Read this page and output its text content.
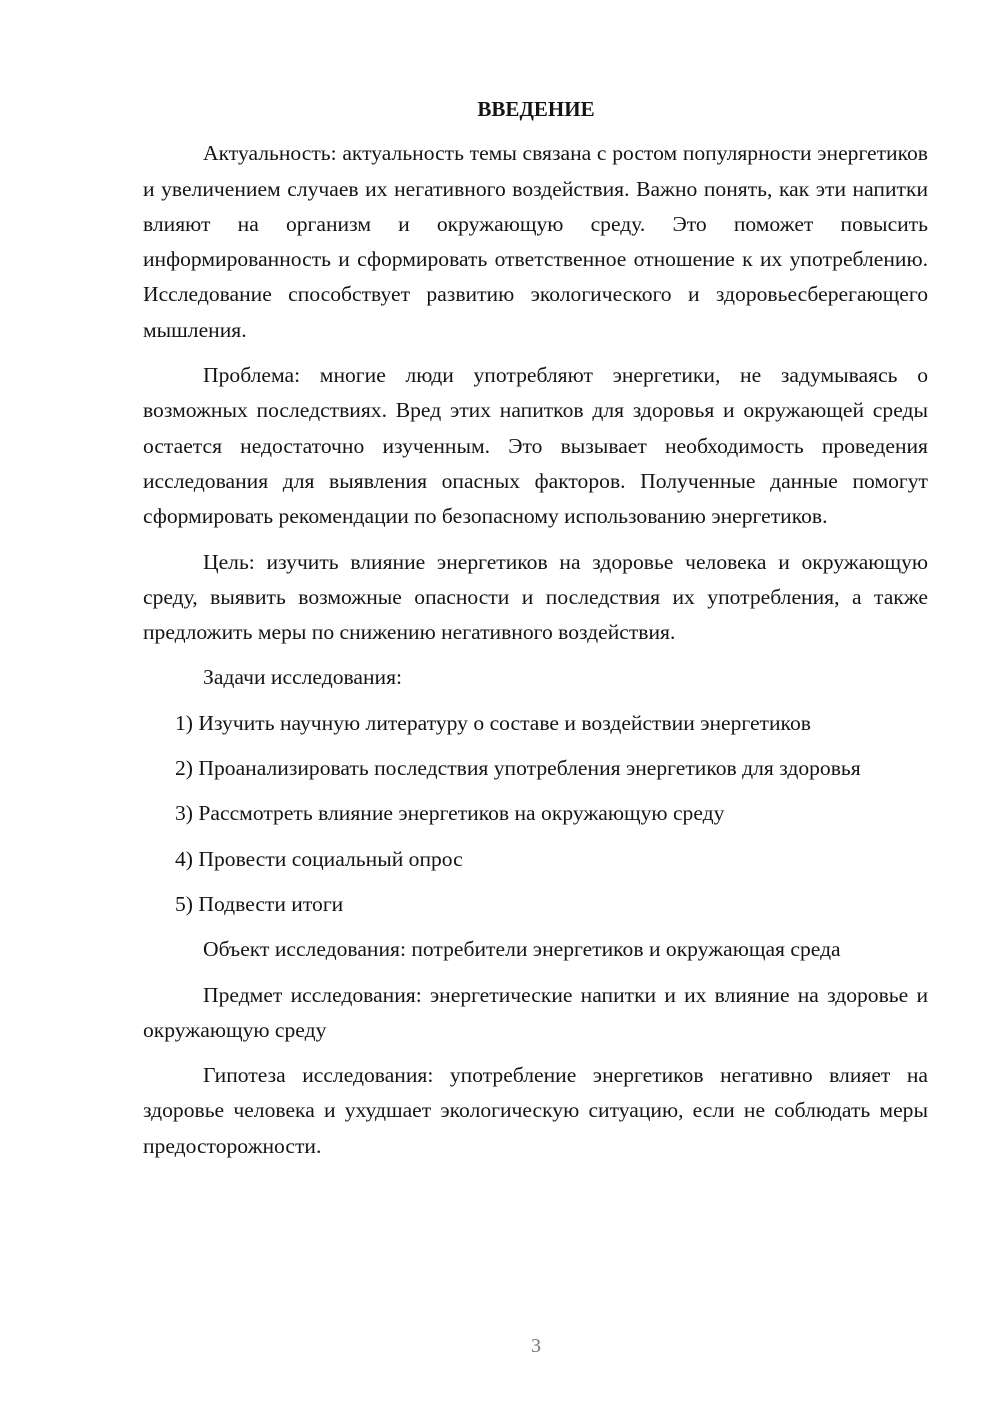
ВВЕДЕНИЕ

Актуальность: актуальность темы связана с ростом популярности энергетиков и увеличением случаев их негативного воздействия. Важно понять, как эти напитки влияют на организм и окружающую среду. Это поможет повысить информированность и сформировать ответственное отношение к их употреблению. Исследование способствует развитию экологического и здоровьесберегающего мышления.

Проблема: многие люди употребляют энергетики, не задумываясь о возможных последствиях. Вред этих напитков для здоровья и окружающей среды остается недостаточно изученным. Это вызывает необходимость проведения исследования для выявления опасных факторов. Полученные данные помогут сформировать рекомендации по безопасному использованию энергетиков.

Цель: изучить влияние энергетиков на здоровье человека и окружающую среду, выявить возможные опасности и последствия их употребления, а также предложить меры по снижению негативного воздействия.

Задачи исследования:

1) Изучить научную литературу о составе и воздействии энергетиков

2) Проанализировать последствия употребления энергетиков для здоровья

3) Рассмотреть влияние энергетиков на окружающую среду

4) Провести социальный опрос

5) Подвести итоги

Объект исследования: потребители энергетиков и окружающая среда

Предмет исследования: энергетические напитки и их влияние на здоровье и окружающую среду

Гипотеза исследования: употребление энергетиков негативно влияет на здоровье человека и ухудшает экологическую ситуацию, если не соблюдать меры предосторожности.

3
